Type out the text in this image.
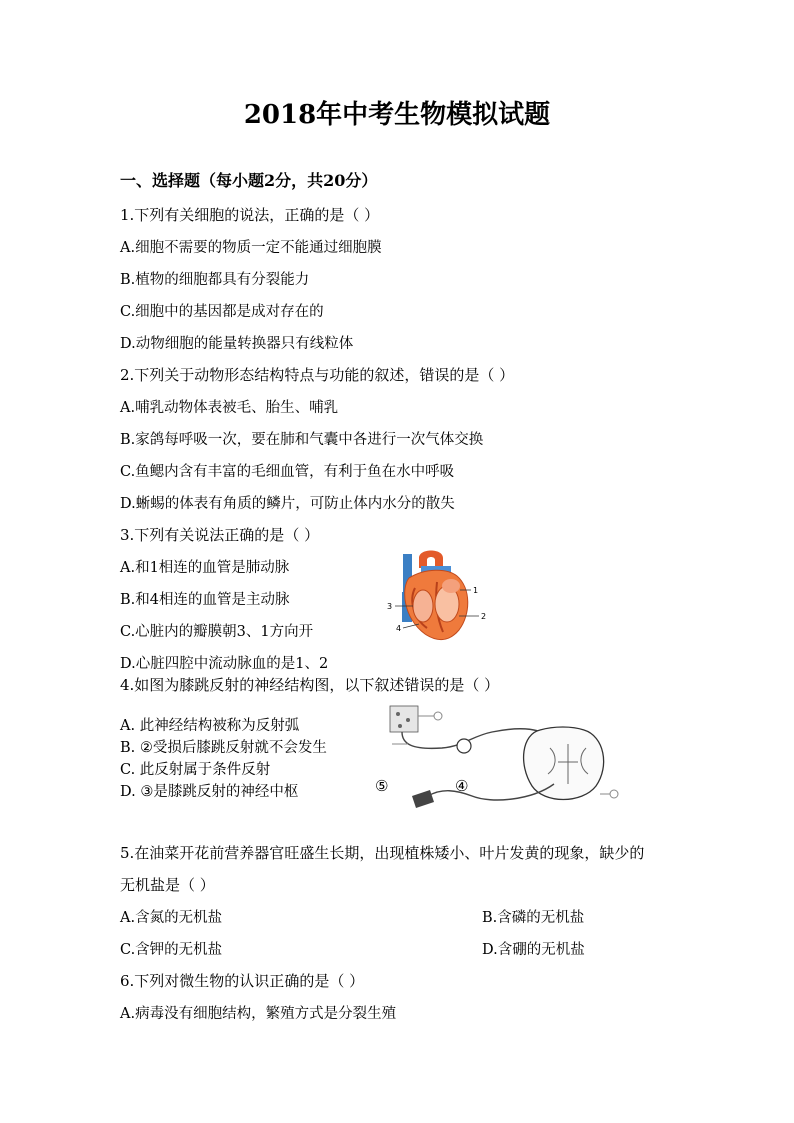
2018年中考生物模拟试题
一、选择题（每小题2分，共20分）
1.下列有关细胞的说法，正确的是（ ）
A.细胞不需要的物质一定不能通过细胞膜
B.植物的细胞都具有分裂能力
C.细胞中的基因都是成对存在的
D.动物细胞的能量转换器只有线粒体
2.下列关于动物形态结构特点与功能的叙述，错误的是（ ）
A.哺乳动物体表被毛、胎生、哺乳
B.家鸽每呼吸一次，要在肺和气囊中各进行一次气体交换
C.鱼鳃内含有丰富的毛细血管，有利于鱼在水中呼吸
D.蜥蜴的体表有角质的鳞片，可防止体内水分的散失
3.下列有关说法正确的是（ ）
A.和1相连的血管是肺动脉
B.和4相连的血管是主动脉
C.心脏内的瓣膜朝3、1方向开
D.心脏四腔中流动脉血的是1、2
1
2
3
4
4.如图为膝跳反射的神经结构图，以下叙述错误的是（ ）
A. 此神经结构被称为反射弧
B. ②受损后膝跳反射就不会发生
C. 此反射属于条件反射
D. ③是膝跳反射的神经中枢	⑤	④
5.在油菜开花前营养器官旺盛生长期，出现植株矮小、叶片发黄的现象，缺少的
无机盐是（ ）
A.含氮的无机盐	B.含磷的无机盐
C.含钾的无机盐	D.含硼的无机盐
6.下列对微生物的认识正确的是（ ）
A.病毒没有细胞结构，繁殖方式是分裂生殖
